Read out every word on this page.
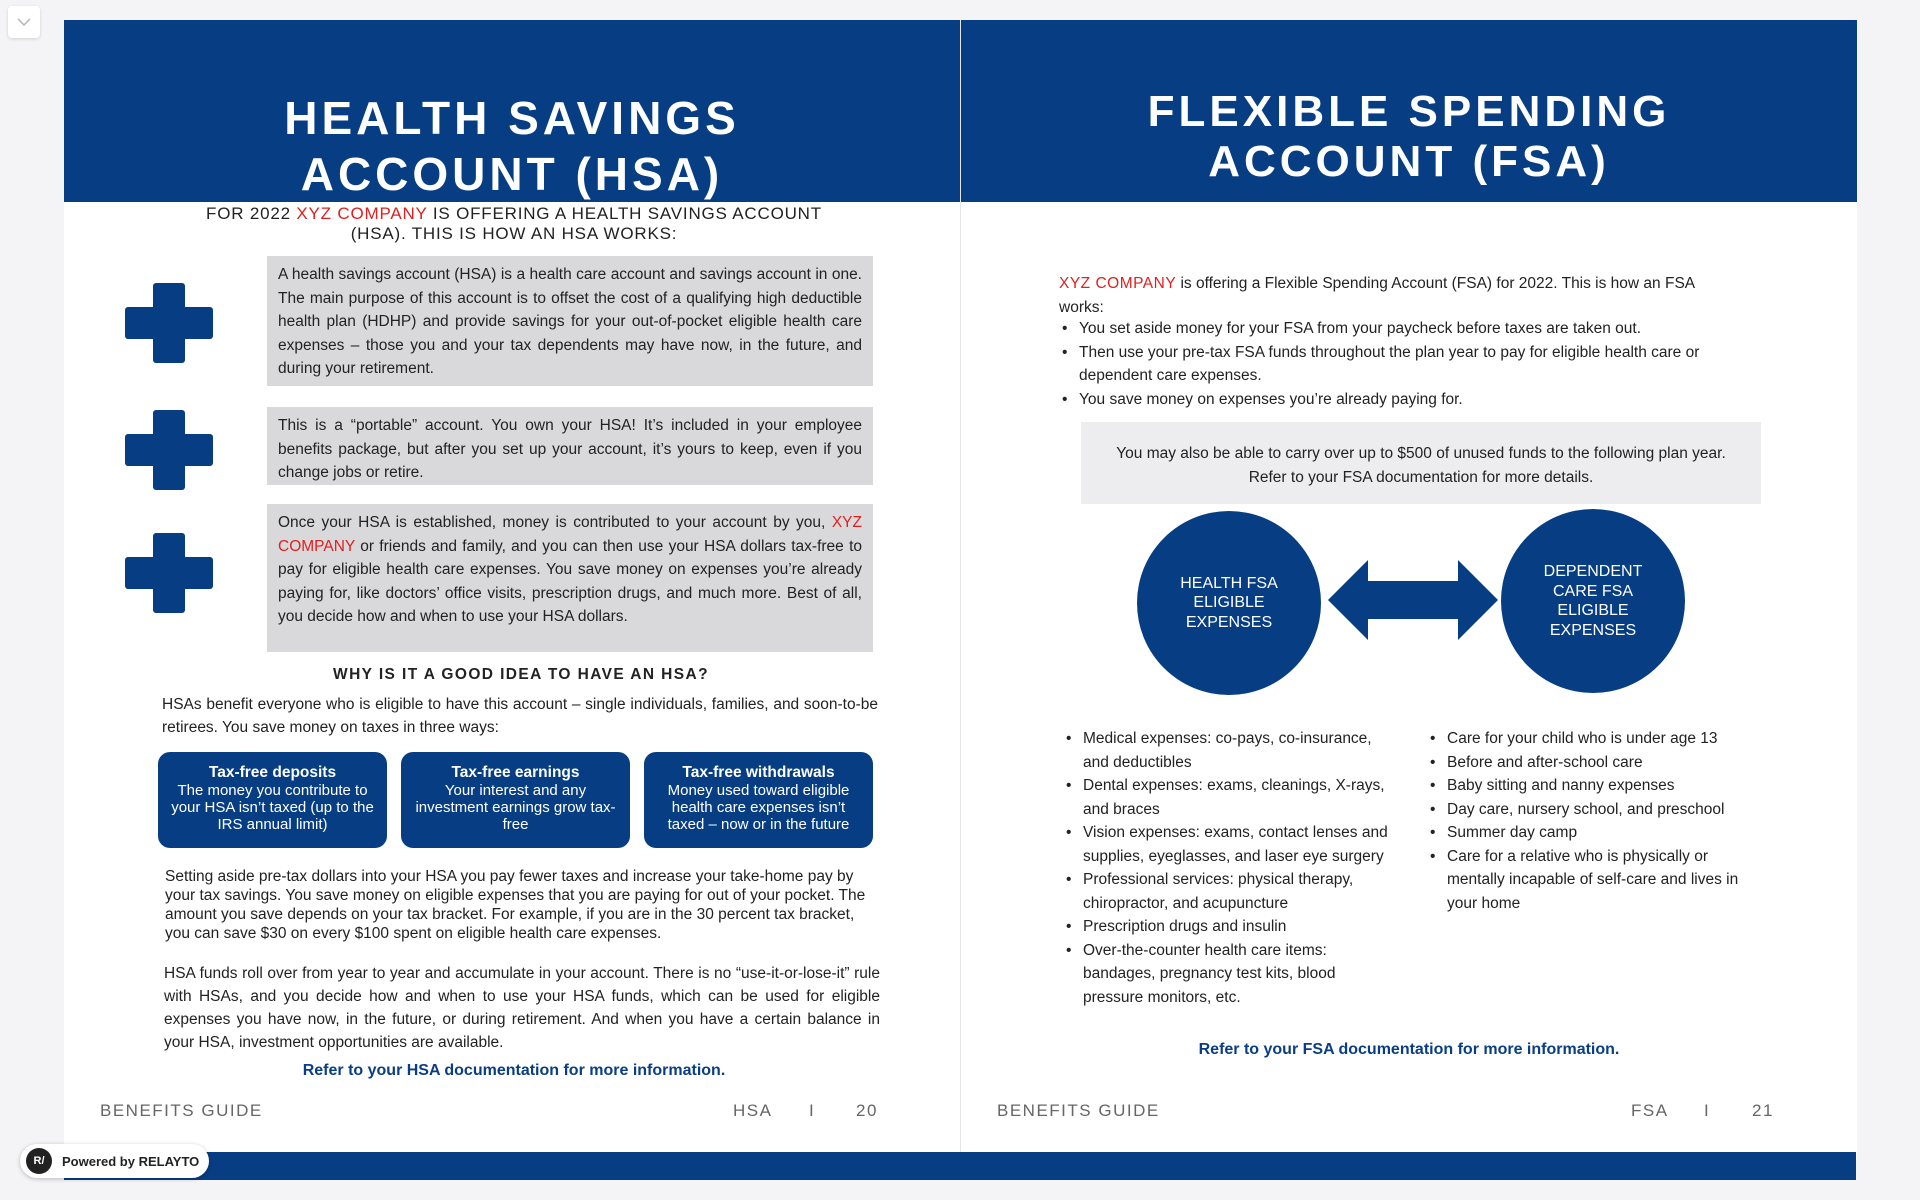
HEALTH SAVINGS
ACCOUNT (HSA)
FOR 2022 XYZ COMPANY IS OFFERING A HEALTH SAVINGS ACCOUNT (HSA). THIS IS HOW AN HSA WORKS:
A health savings account (HSA) is a health care account and savings account in one. The main purpose of this account is to offset the cost of a qualifying high deductible health plan (HDHP) and provide savings for your out-of-pocket eligible health care expenses – those you and your tax dependents may have now, in the future, and during your retirement.
This is a “portable” account. You own your HSA! It’s included in your employee benefits package, but after you set up your account, it’s yours to keep, even if you change jobs or retire.
Once your HSA is established, money is contributed to your account by you, XYZ COMPANY or friends and family, and you can then use your HSA dollars tax-free to pay for eligible health care expenses. You save money on expenses you’re already paying for, like doctors’ office visits, prescription drugs, and much more. Best of all, you decide how and when to use your HSA dollars.
WHY IS IT A GOOD IDEA TO HAVE AN HSA?
HSAs benefit everyone who is eligible to have this account – single individuals, families, and soon-to-be retirees. You save money on taxes in three ways:
Tax-free deposits
The money you contribute to your HSA isn’t taxed (up to the IRS annual limit)
Tax-free earnings
Your interest and any investment earnings grow tax-free
Tax-free withdrawals
Money used toward eligible health care expenses isn’t taxed – now or in the future
Setting aside pre-tax dollars into your HSA you pay fewer taxes and increase your take-home pay by your tax savings. You save money on eligible expenses that you are paying for out of your pocket. The amount you save depends on your tax bracket. For example, if you are in the 30 percent tax bracket, you can save $30 on every $100 spent on eligible health care expenses.
HSA funds roll over from year to year and accumulate in your account. There is no “use-it-or-lose-it” rule with HSAs, and you decide how and when to use your HSA funds, which can be used for eligible expenses you have now, in the future, or during retirement. And when you have a certain balance in your HSA, investment opportunities are available.
Refer to your HSA documentation for more information.
BENEFITS GUIDE	HSA I 20
FLEXIBLE SPENDING
ACCOUNT (FSA)
XYZ COMPANY is offering a Flexible Spending Account (FSA) for 2022. This is how an FSA works:
• You set aside money for your FSA from your paycheck before taxes are taken out.
• Then use your pre-tax FSA funds throughout the plan year to pay for eligible health care or dependent care expenses.
• You save money on expenses you’re already paying for.
You may also be able to carry over up to $500 of unused funds to the following plan year.
Refer to your FSA documentation for more details.
HEALTH FSA ELIGIBLE EXPENSES
DEPENDENT CARE FSA ELIGIBLE EXPENSES
• Medical expenses: co-pays, co-insurance, and deductibles
• Dental expenses: exams, cleanings, X-rays, and braces
• Vision expenses: exams, contact lenses and supplies, eyeglasses, and laser eye surgery
• Professional services: physical therapy, chiropractor, and acupuncture
• Prescription drugs and insulin
• Over-the-counter health care items: bandages, pregnancy test kits, blood pressure monitors, etc.
• Care for your child who is under age 13
• Before and after-school care
• Baby sitting and nanny expenses
• Day care, nursery school, and preschool
• Summer day camp
• Care for a relative who is physically or mentally incapable of self-care and lives in your home
Refer to your FSA documentation for more information.
BENEFITS GUIDE	FSA I 21
R/	Powered by RELAYTO
